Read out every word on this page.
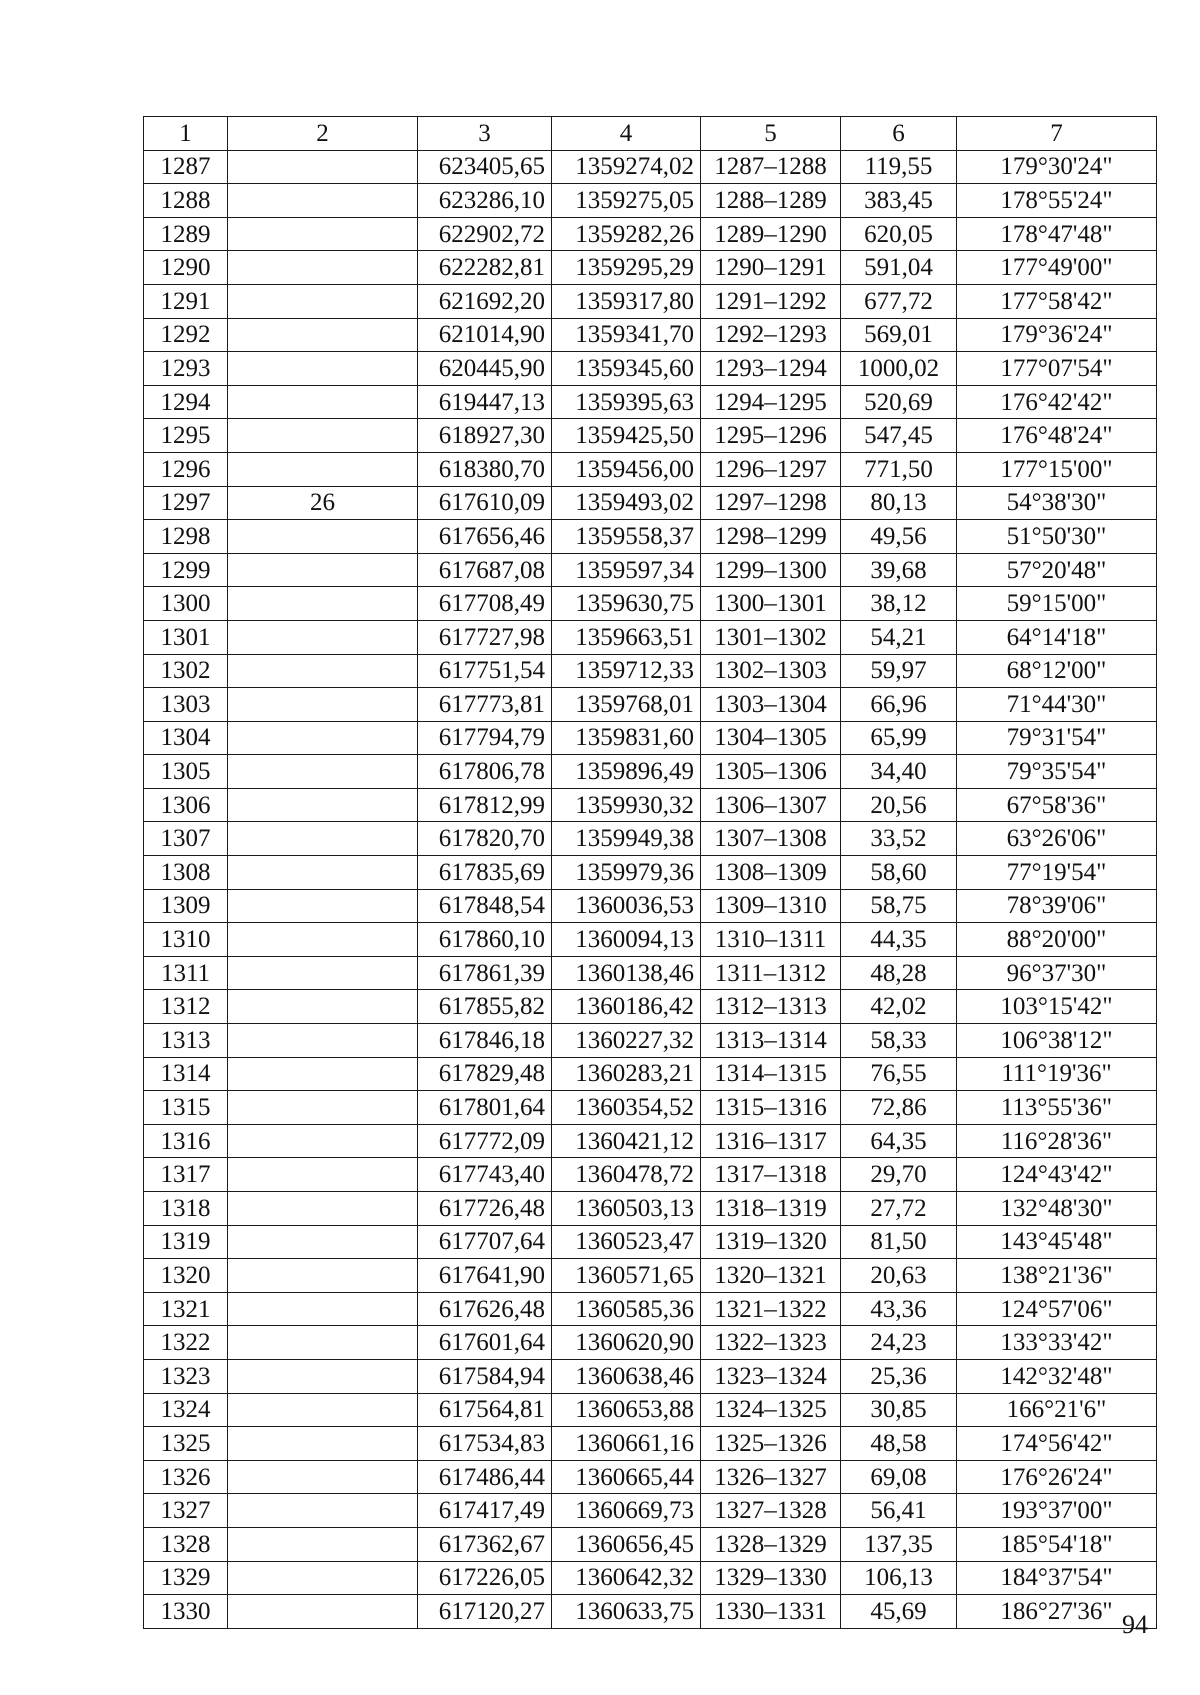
1	2	3	4	5	6	7
1287		623405,65	1359274,02	1287–1288	119,55	179°30'24"
1288		623286,10	1359275,05	1288–1289	383,45	178°55'24"
1289		622902,72	1359282,26	1289–1290	620,05	178°47'48"
1290		622282,81	1359295,29	1290–1291	591,04	177°49'00"
1291		621692,20	1359317,80	1291–1292	677,72	177°58'42"
1292		621014,90	1359341,70	1292–1293	569,01	179°36'24"
1293		620445,90	1359345,60	1293–1294	1000,02	177°07'54"
1294		619447,13	1359395,63	1294–1295	520,69	176°42'42"
1295		618927,30	1359425,50	1295–1296	547,45	176°48'24"
1296		618380,70	1359456,00	1296–1297	771,50	177°15'00"
1297	26	617610,09	1359493,02	1297–1298	80,13	54°38'30"
1298		617656,46	1359558,37	1298–1299	49,56	51°50'30"
1299		617687,08	1359597,34	1299–1300	39,68	57°20'48"
1300		617708,49	1359630,75	1300–1301	38,12	59°15'00"
1301		617727,98	1359663,51	1301–1302	54,21	64°14'18"
1302		617751,54	1359712,33	1302–1303	59,97	68°12'00"
1303		617773,81	1359768,01	1303–1304	66,96	71°44'30"
1304		617794,79	1359831,60	1304–1305	65,99	79°31'54"
1305		617806,78	1359896,49	1305–1306	34,40	79°35'54"
1306		617812,99	1359930,32	1306–1307	20,56	67°58'36"
1307		617820,70	1359949,38	1307–1308	33,52	63°26'06"
1308		617835,69	1359979,36	1308–1309	58,60	77°19'54"
1309		617848,54	1360036,53	1309–1310	58,75	78°39'06"
1310		617860,10	1360094,13	1310–1311	44,35	88°20'00"
1311		617861,39	1360138,46	1311–1312	48,28	96°37'30"
1312		617855,82	1360186,42	1312–1313	42,02	103°15'42"
1313		617846,18	1360227,32	1313–1314	58,33	106°38'12"
1314		617829,48	1360283,21	1314–1315	76,55	111°19'36"
1315		617801,64	1360354,52	1315–1316	72,86	113°55'36"
1316		617772,09	1360421,12	1316–1317	64,35	116°28'36"
1317		617743,40	1360478,72	1317–1318	29,70	124°43'42"
1318		617726,48	1360503,13	1318–1319	27,72	132°48'30"
1319		617707,64	1360523,47	1319–1320	81,50	143°45'48"
1320		617641,90	1360571,65	1320–1321	20,63	138°21'36"
1321		617626,48	1360585,36	1321–1322	43,36	124°57'06"
1322		617601,64	1360620,90	1322–1323	24,23	133°33'42"
1323		617584,94	1360638,46	1323–1324	25,36	142°32'48"
1324		617564,81	1360653,88	1324–1325	30,85	166°21'6"
1325		617534,83	1360661,16	1325–1326	48,58	174°56'42"
1326		617486,44	1360665,44	1326–1327	69,08	176°26'24"
1327		617417,49	1360669,73	1327–1328	56,41	193°37'00"
1328		617362,67	1360656,45	1328–1329	137,35	185°54'18"
1329		617226,05	1360642,32	1329–1330	106,13	184°37'54"
1330		617120,27	1360633,75	1330–1331	45,69	186°27'36" 94
